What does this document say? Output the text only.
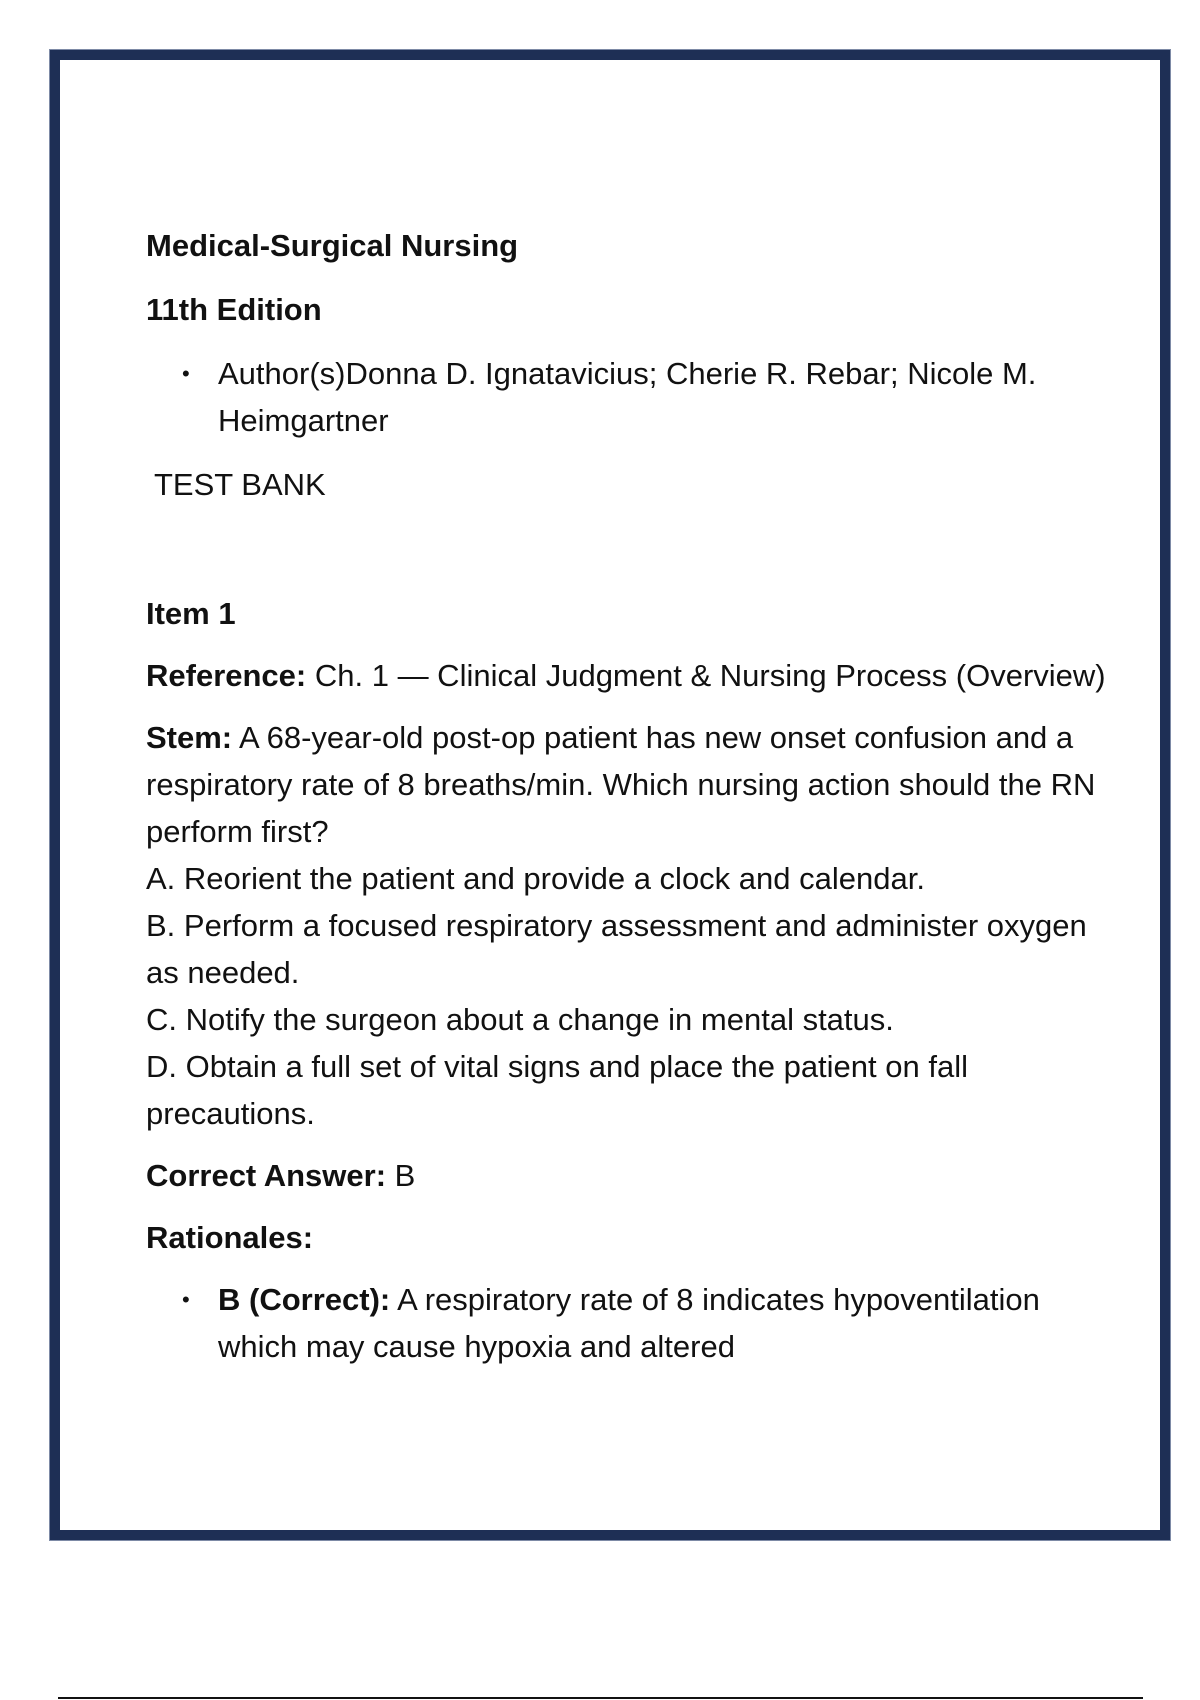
Medical-Surgical Nursing

11th Edition

• Author(s)Donna D. Ignatavicius; Cherie R. Rebar; Nicole M. Heimgartner

TEST BANK

Item 1

Reference: Ch. 1 — Clinical Judgment & Nursing Process (Overview)

Stem: A 68-year-old post-op patient has new onset confusion and a respiratory rate of 8 breaths/min. Which nursing action should the RN perform first?

A. Reorient the patient and provide a clock and calendar.

B. Perform a focused respiratory assessment and administer oxygen as needed.

C. Notify the surgeon about a change in mental status.

D. Obtain a full set of vital signs and place the patient on fall precautions.

Correct Answer: B

Rationales:

• B (Correct): A respiratory rate of 8 indicates hypoventilation which may cause hypoxia and altered
